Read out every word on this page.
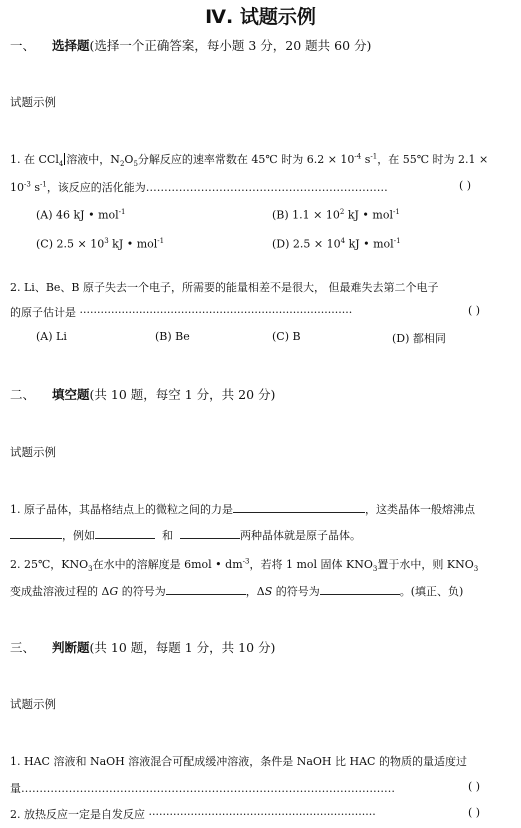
Ⅳ. 试题示例
一、 选择题(选择一个正确答案，每小题 3 分，20 题共 60 分)
试题示例
1. 在 CCl$_4$ 溶液中，$N_2O_5$分解反应的速率常数在 45℃ 时为 $6.2 \times 10^{-4}$ $s^{-1}$，在 55℃ 时为 2.1 ×
$10^{-3}$ $s^{-1}$，该反应的活化能为…………………………………………………………	( )
(A) 46 kJ • mol$^{-1}$	(B) $1.1 \times 10^2$ kJ • mol$^{-1}$
(C) $2.5 \times 10^3$ kJ • mol$^{-1}$	(D) $2.5 \times 10^4$ kJ • mol$^{-1}$
2. Li、Be、B 原子失去一个电子，所需要的能量相差不是很大， 但最难失去第二个电子
的原子估计是 ··············································································	( )
(A) Li	(B) Be	(C) B	(D) 都相同
二、 填空题(共 10 题，每空 1 分，共 20 分)
试题示例
1. 原子晶体，其晶格结点上的微粒之间的力是	，这类晶体一般熔沸点
，例如	和	两种晶体就是原子晶体。
2. 25℃，$KNO_3$在水中的溶解度是 6mol • $dm^{-3}$，若将 1 mol 固体 $KNO_3$置于水中，则 $KNO_3$
变成盐溶液过程的 ΔG 的符号为	，ΔS 的符号为	。(填正、负)
三、 判断题(共 10 题，每题 1 分，共 10 分)
试题示例
1. HAC 溶液和 NaOH 溶液混合可配成缓冲溶液，条件是 NaOH 比 HAC 的物质的量适度过
量…………………………………………………………………………………………	( )
2. 放热反应一定是自发反应 ·································································	( )
